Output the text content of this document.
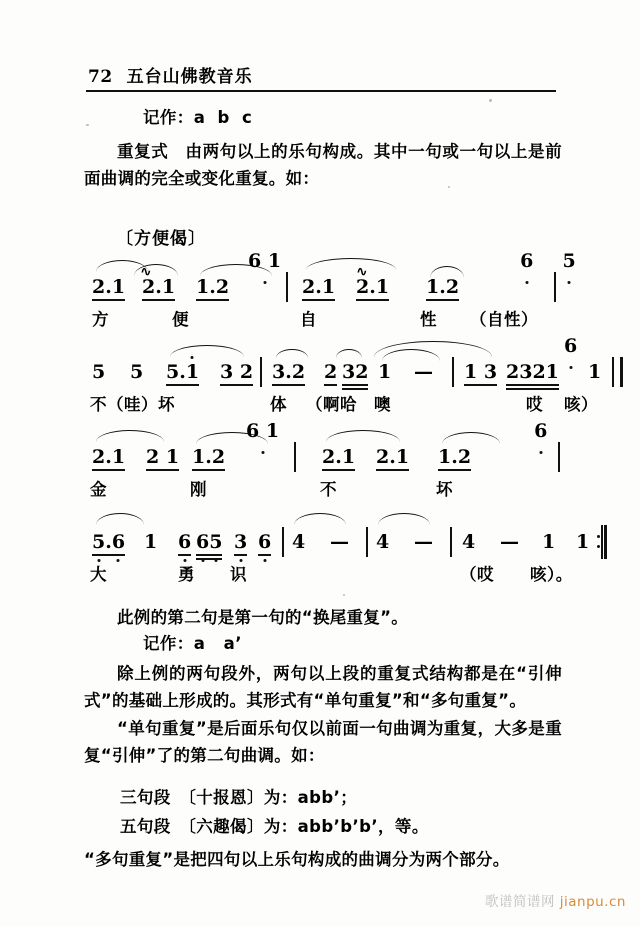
72 五台山佛教音乐
记作：a  b  c
重复式　由两句以上的乐句构成。其中一句或一句以上是前面曲调的完全或变化重复。如：
〔方便偈〕
∿
2.1 2.1 1.2
6 1	∿
2.1 2.1 1.2
6 5
方	便	自	性 （自性）
5 5 5.1 3 2 3.2 2 32 1 — 1 3 2321
6
1
不（哇）坏	体 （啊哈 噢	哎 咳）
2.1 2 1 1.2
6 1
2.1 2.1 1.2
6
金	刚	不	坏
5.6 1 6 65 3 6 4 — 4 — 4 — 1 1
大	勇 识	（哎 咳）。
此例的第二句是第一句的“换尾重复”。
记作：a   a’
除上例的两句段外，两句以上段的重复式结构都是在“引伸式”的基础上形成的。其形式有“单句重复”和“多句重复”。
“单句重复”是后面乐句仅以前面一句曲调为重复，大多是重复“引伸”了的第二句曲调。如：
三句段　〔十报恩〕为：abb’；
五句段　〔六趣偈〕为：abb’b’b’，等。
“多句重复”是把四句以上乐句构成的曲调分为两个部分。
歌谱简谱网 jianpu.cn
